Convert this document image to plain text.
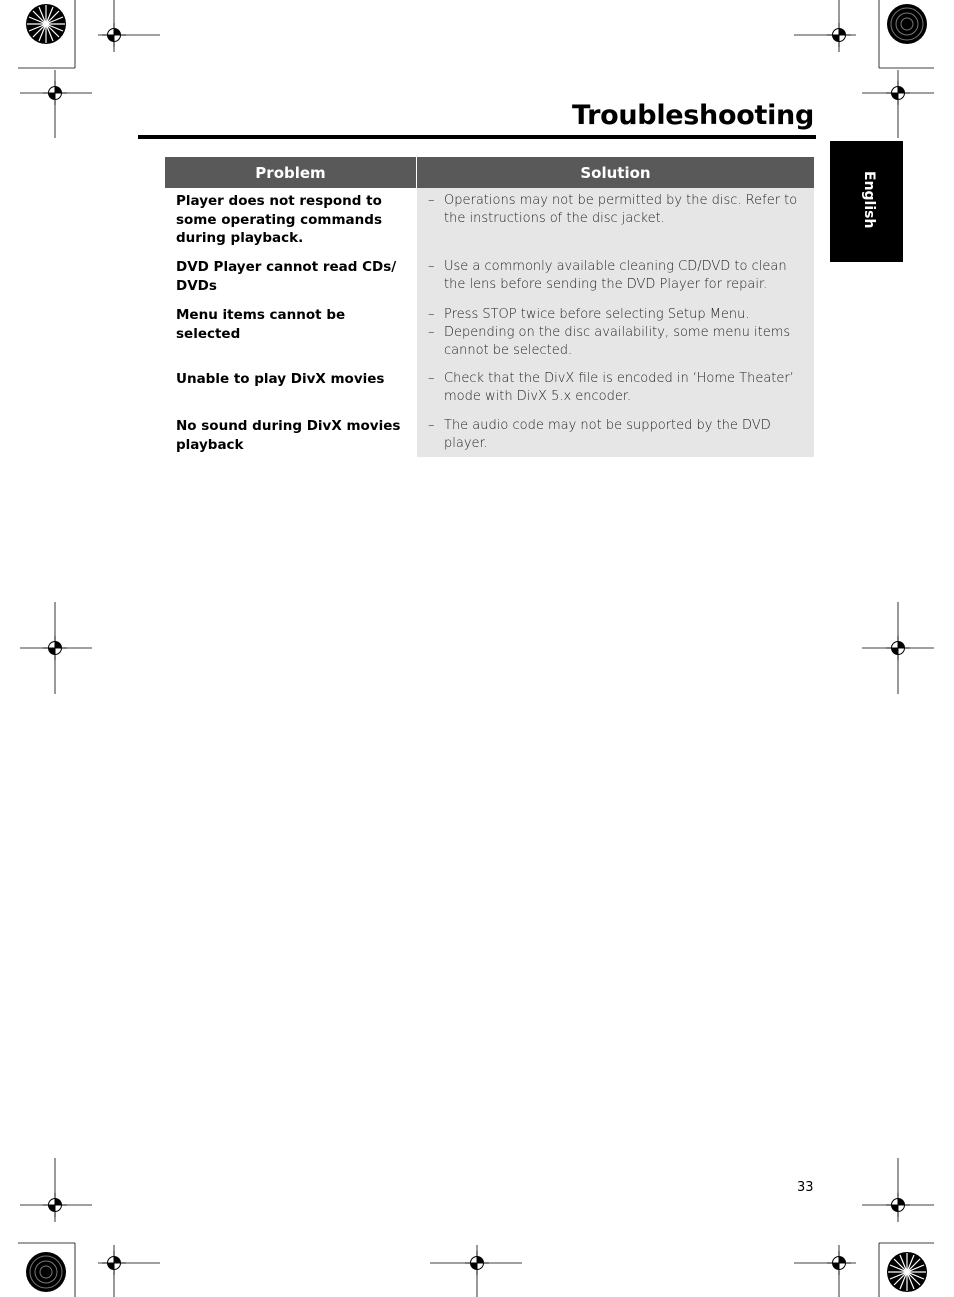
Troubleshooting
English
Problem	Solution
Player does not respond to some operating commands during playback.
DVD Player cannot read CDs/ DVDs
Menu items cannot be selected
Unable to play DivX movies
No sound during DivX movies playback
– Operations may not be permitted by the disc. Refer to the instructions of the disc jacket.
– Use a commonly available cleaning CD/DVD to clean the lens before sending the DVD Player for repair.
– Press STOP twice before selecting Setup Menu.
– Depending on the disc availability, some menu items cannot be selected.
– Check that the DivX file is encoded in ‘Home Theater’ mode with DivX 5.x encoder.
– The audio code may not be supported by the DVD player.
33
